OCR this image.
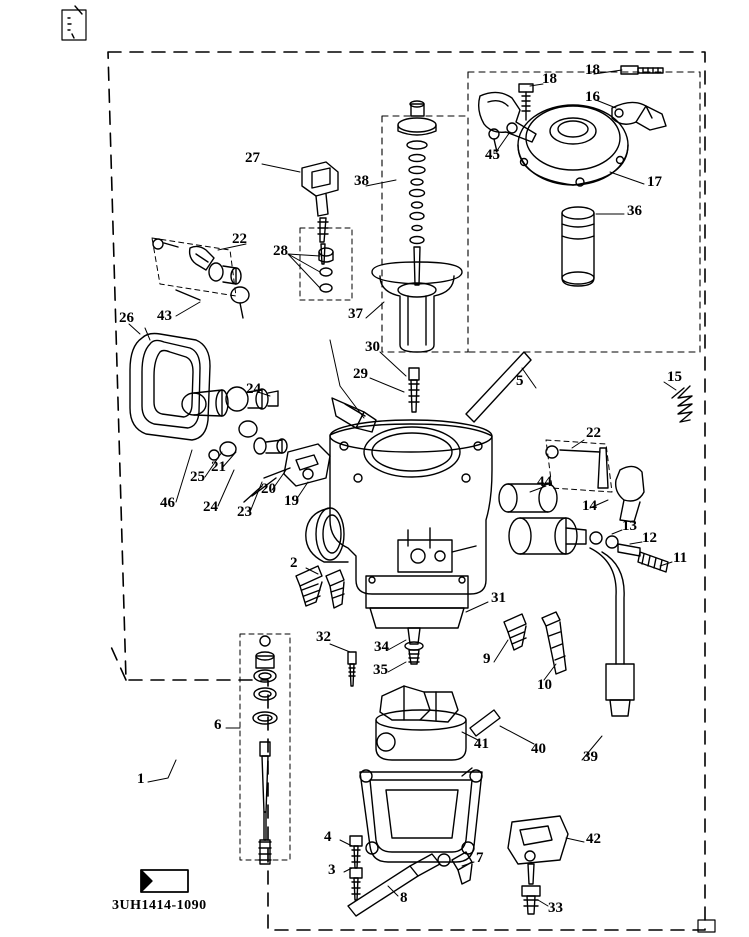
1
2
3
4
5
6
7
8
9
10
11
12
13
14
15
16
17
18
18
19
20
21
22
22
23
24
24
25
26
27
28
29
30
31
32
33
34
35
36
37
38
39
40
41
42
43
44
45
46
FWD
3UH1414-1090
